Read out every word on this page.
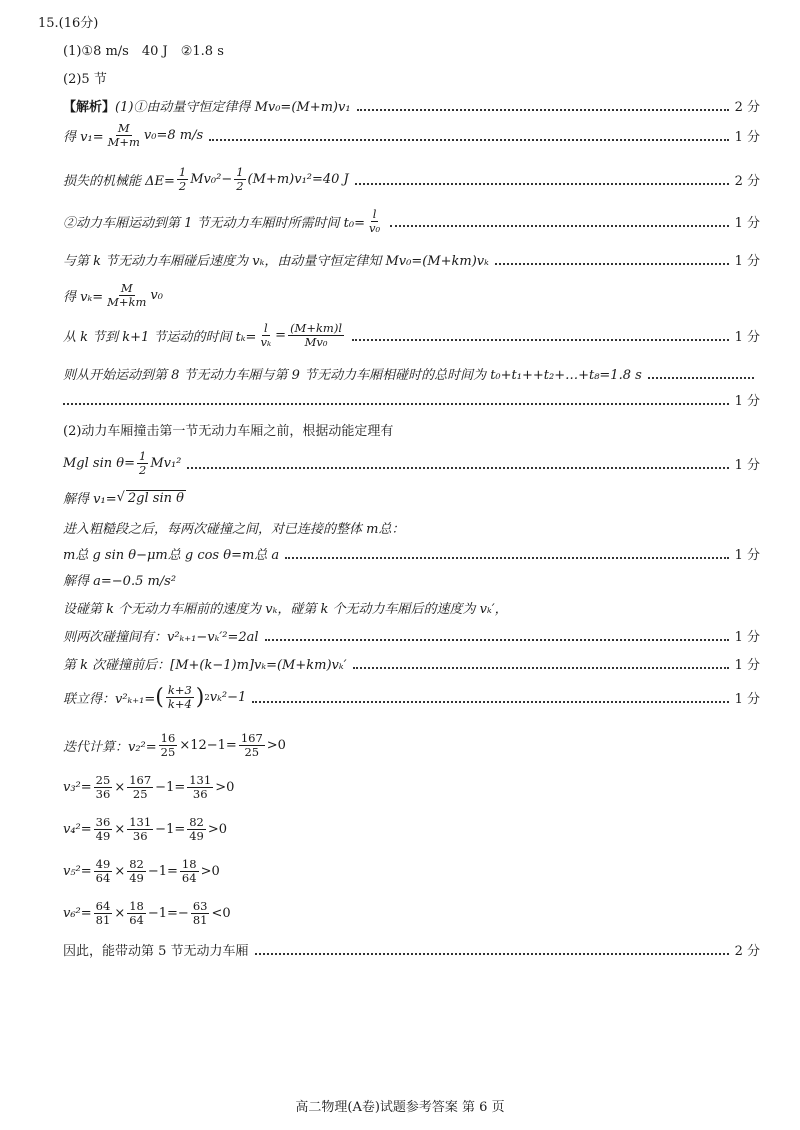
15.(16分)
(1)①8 m/s　40 J　②1.8 s
(2)5 节
【解析】 (1)①由动量守恒定律得 Mv₀=(M+m)v₁	2 分
得 $v_1= \frac{M}{M+m} v_0=8$ m/s	1 分
损失的机械能 $\Delta E= \frac{1}{2} Mv_0^2- \frac{1}{2} (M+m)v_1^2=40$ J	2 分
②动力车厢运动到第 1 节无动力车厢时所需时间 $t_0= \frac{l}{\text{v₀}}$	1 分
与第 k 节无动力车厢碰后速度为 vₖ，由动量守恒定律知 Mv₀=(M+km)vₖ	1 分
得 $v_k= \frac{M}{M+km} v_0$
从 k 节到 k+1 节运动的时间 $t_k= \frac{l}{\text{vₖ}} = \frac{(M+km)l}{\text{Mv₀}}$	1 分
则从开始运动到第 8 节无动力车厢与第 9 节无动力车厢相碰时的总时间为 t₀+t₁++t₂+…+t₈=1.8 s
1 分
(2)动力车厢撞击第一节无动力车厢之前，根据动能定理有
Mgl $\sin \theta= \frac{1}{2} Mv_1^2$	1 分
解得 v₁= √ 2gl sin θ
进入粗糙段之后，每两次碰撞之间，对已连接的整体 m总：
m总 g sin θ−μm总 g cos θ=m总 a	1 分
解得 a=−0.5 m/s²
设碰第 k 个无动力车厢前的速度为 vₖ，碰第 k 个无动力车厢后的速度为 vₖ′，
则两次碰撞间有：v²ₖ₊₁−vₖ′²=2al	1 分
第 k 次碰撞前后：[M+(k−1)m]vₖ=(M+km)vₖ′	1 分
联立得：v²ₖ₊₁= ( $\frac{k+3}{k+4}$ ) 2 vₖ²−1	1 分
迭代计算：$v_2^2= \frac{16}{25} \times 12-1= \frac{167}{25} >0$
$v_3^2= \frac{25}{36} \times \frac{167}{25} -1= \frac{131}{36} >0$
$v_4^2= \frac{36}{49} \times \frac{131}{36} -1= \frac{82}{49} >0$
$v_5^2= \frac{49}{64} \times \frac{82}{49} -1= \frac{18}{64} >0$
$v_6^2= \frac{64}{81} \times \frac{18}{64} -1=- \frac{63}{81} <0$
因此，能带动第 5 节无动力车厢	2 分
高二物理(A卷)试题参考答案 第 6 页
